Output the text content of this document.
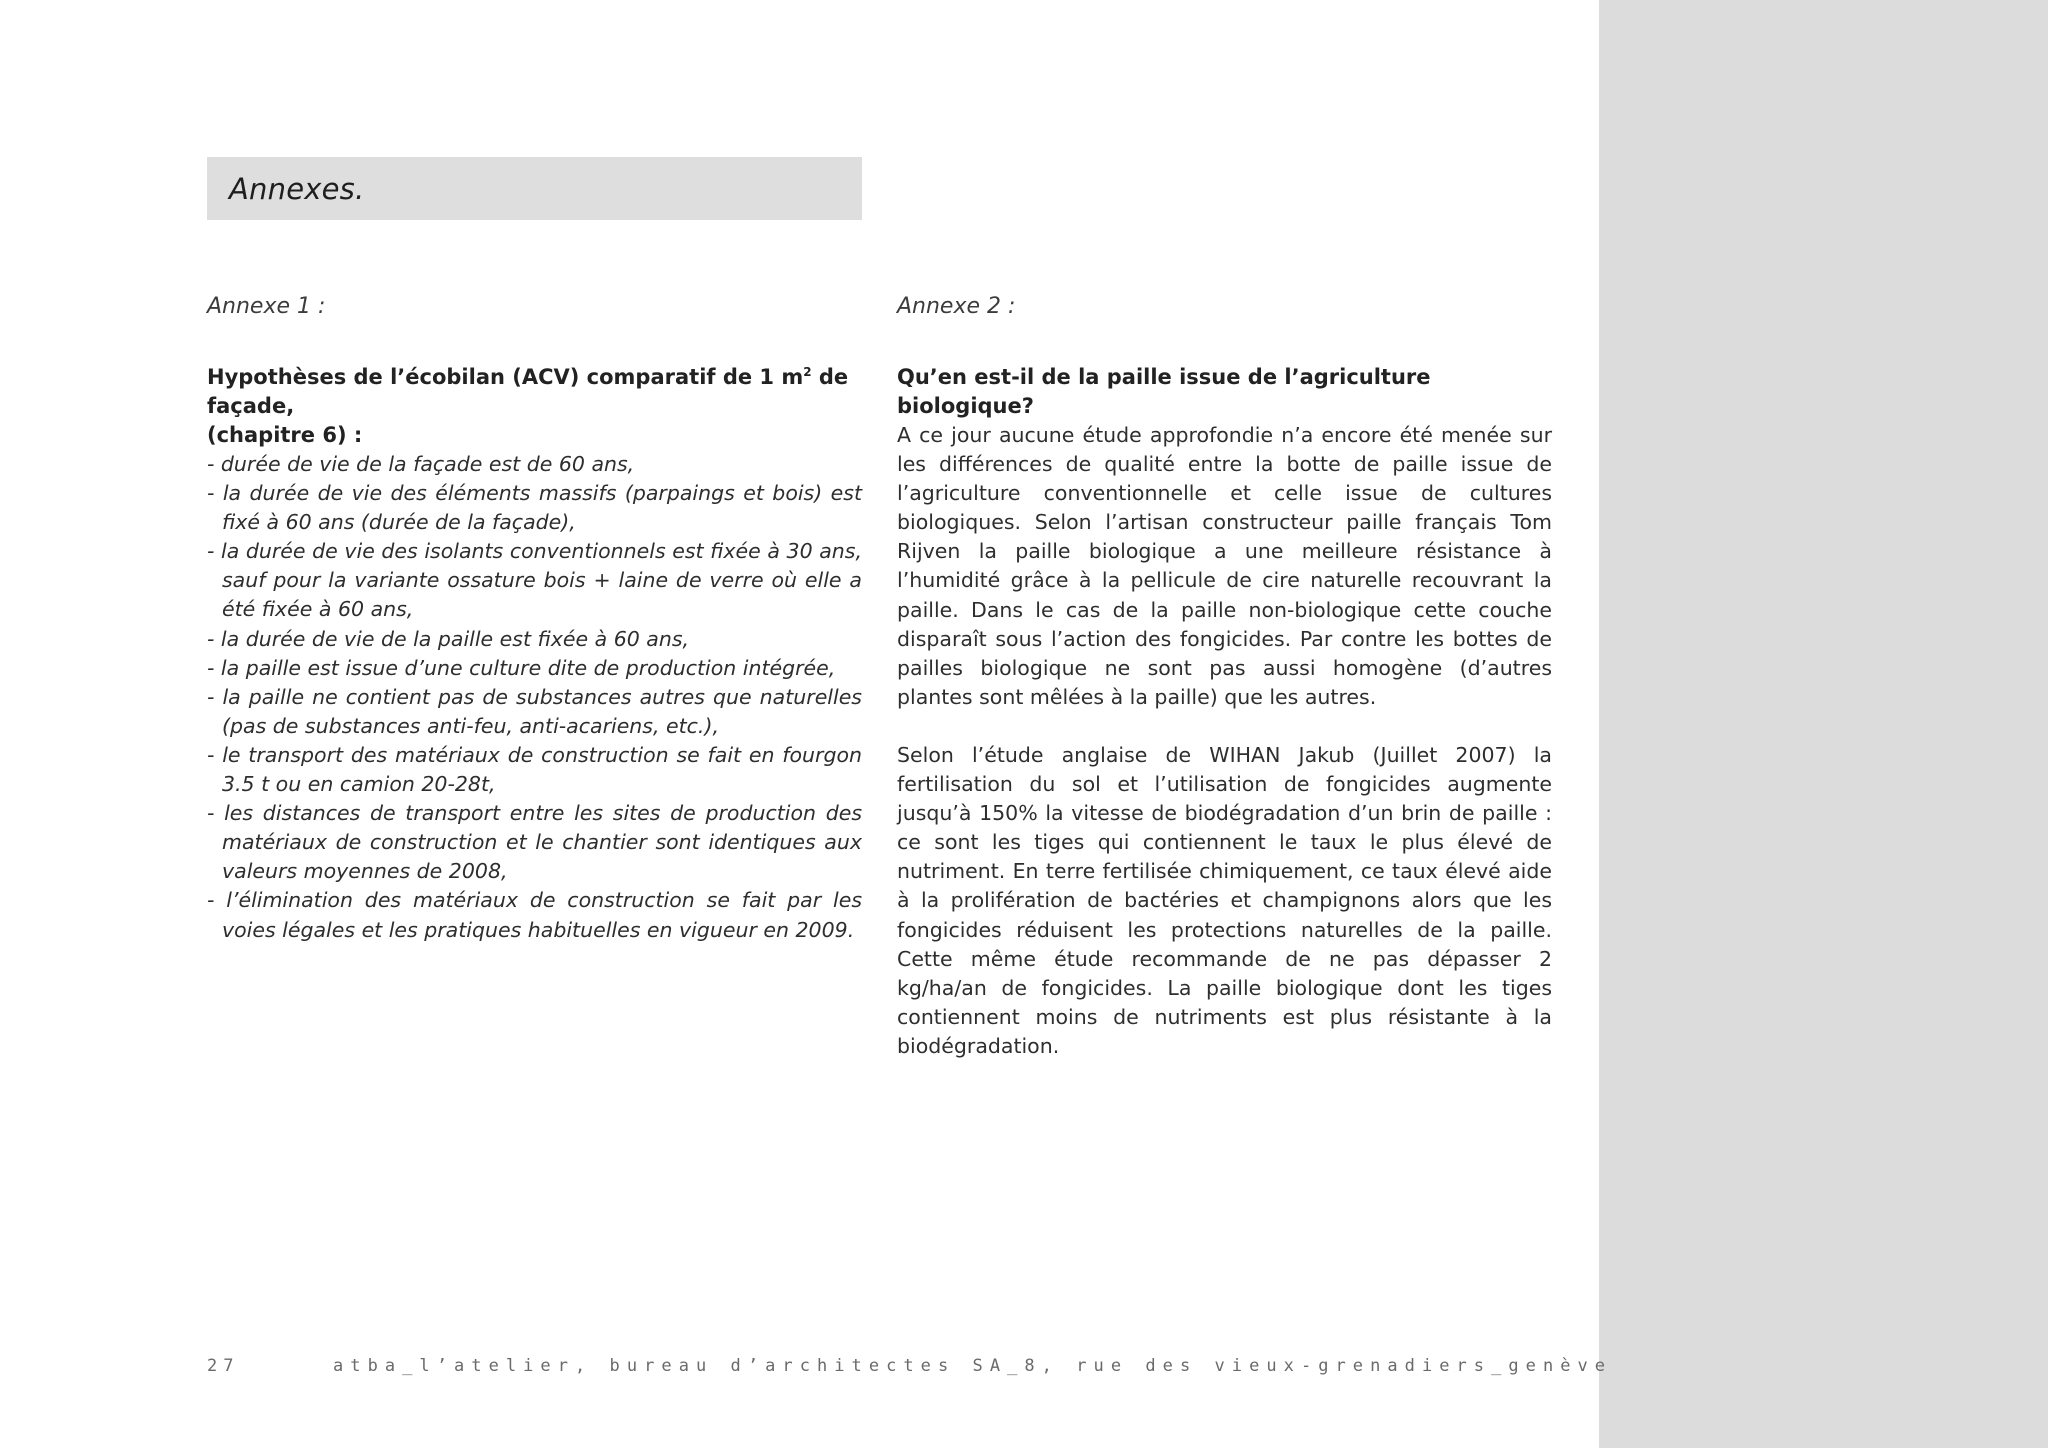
Annexes.
Annexe 1 :

Hypothèses de l’écobilan (ACV) comparatif de 1 $m^2$ de façade,
(chapitre 6) :

- durée de vie de la façade est de 60 ans,
- la durée de vie des éléments massifs (parpaings et bois) est fixé à 60 ans (durée de la façade),
- la durée de vie des isolants conventionnels est fixée à 30 ans, sauf pour la variante ossature bois + laine de verre où elle a été fixée à 60 ans,
- la durée de vie de la paille est fixée à 60 ans,
- la paille est issue d’une culture dite de production intégrée,
- la paille ne contient pas de substances autres que naturelles (pas de substances anti-feu, anti-acariens, etc.),
- le transport des matériaux de construction se fait en fourgon 3.5 t ou en camion 20-28t,
- les distances de transport entre les sites de production des matériaux de construction et le chantier sont identiques aux valeurs moyennes de 2008,
- l’élimination des matériaux de construction se fait par les voies légales et les pratiques habituelles en vigueur en 2009.
Annexe 2 :

Qu’en est-il de la paille issue de l’agriculture biologique?

A ce jour aucune étude approfondie n’a encore été menée sur les différences de qualité entre la botte de paille issue de l’agriculture conventionnelle et celle issue de cultures biologiques. Selon l’artisan constructeur paille français Tom Rijven la paille biologique a une meilleure résistance à l’humidité grâce à la pellicule de cire naturelle recouvrant la paille. Dans le cas de la paille non-biologique cette couche disparaît sous l’action des fongicides. Par contre les bottes de pailles biologique ne sont pas aussi homogène (d’autres plantes sont mêlées à la paille) que les autres.

Selon l’étude anglaise de WIHAN Jakub (Juillet 2007) la fertilisation du sol et l’utilisation de fongicides augmente jusqu’à 150% la vitesse de biodégradation d’un brin de paille : ce sont les tiges qui contiennent le taux le plus élevé de nutriment. En terre fertilisée chimiquement, ce taux élevé aide à la prolifération de bactéries et champignons alors que les fongicides réduisent les protections naturelles de la paille. Cette même étude recommande de ne pas dépasser 2 kg/ha/an de fongicides. La paille biologique dont les tiges contiennent moins de nutriments est plus résistante à la biodégradation.

27	atba_l’atelier, bureau d’architectes SA_8, rue des vieux-grenadiers_genève
